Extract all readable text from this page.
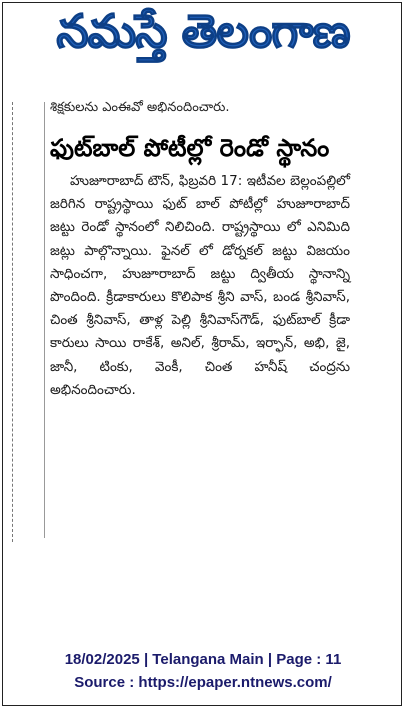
నమస్తే తెలంగాణ
శిక్షకులను ఎంఈవో అభినందించారు.
ఫుట్‌బాల్ పోటీల్లో రెండో స్థానం

హుజూరాబాద్ టౌన్, ఫిబ్రవరి 17: ఇటీవల బెల్లంపల్లిలో జరిగిన రాష్ట్రస్థాయి ఫుట్ బాల్ పోటీల్లో హుజూరాబాద్ జట్టు రెండో స్థానంలో నిలిచింది. రాష్ట్రస్థాయి లో ఎనిమిది జట్లు పాల్గొన్నాయి. ఫైనల్ లో డోర్నకల్ జట్టు విజయం సాధించగా, హుజూరాబాద్ జట్టు ద్వితీయ స్థానాన్ని పొందింది. క్రీడాకారులు కొలిపాక శ్రీని వాస్, బండ శ్రీనివాస్, చింత శ్రీనివాస్, తాళ్ల పెల్లి శ్రీనివాస్‌గౌడ్, ఫుట్‌బాల్ క్రీడా కారులు సాయి రాకేశ్, అనిల్, శ్రీరామ్, ఇర్ఫాన్, అభి, జై, జానీ, టింకు, వెంకీ, చింత హనీష్ చంద్రను అభినందించారు.

18/02/2025 | Telangana Main | Page : 11
Source : https://epaper.ntnews.com/
